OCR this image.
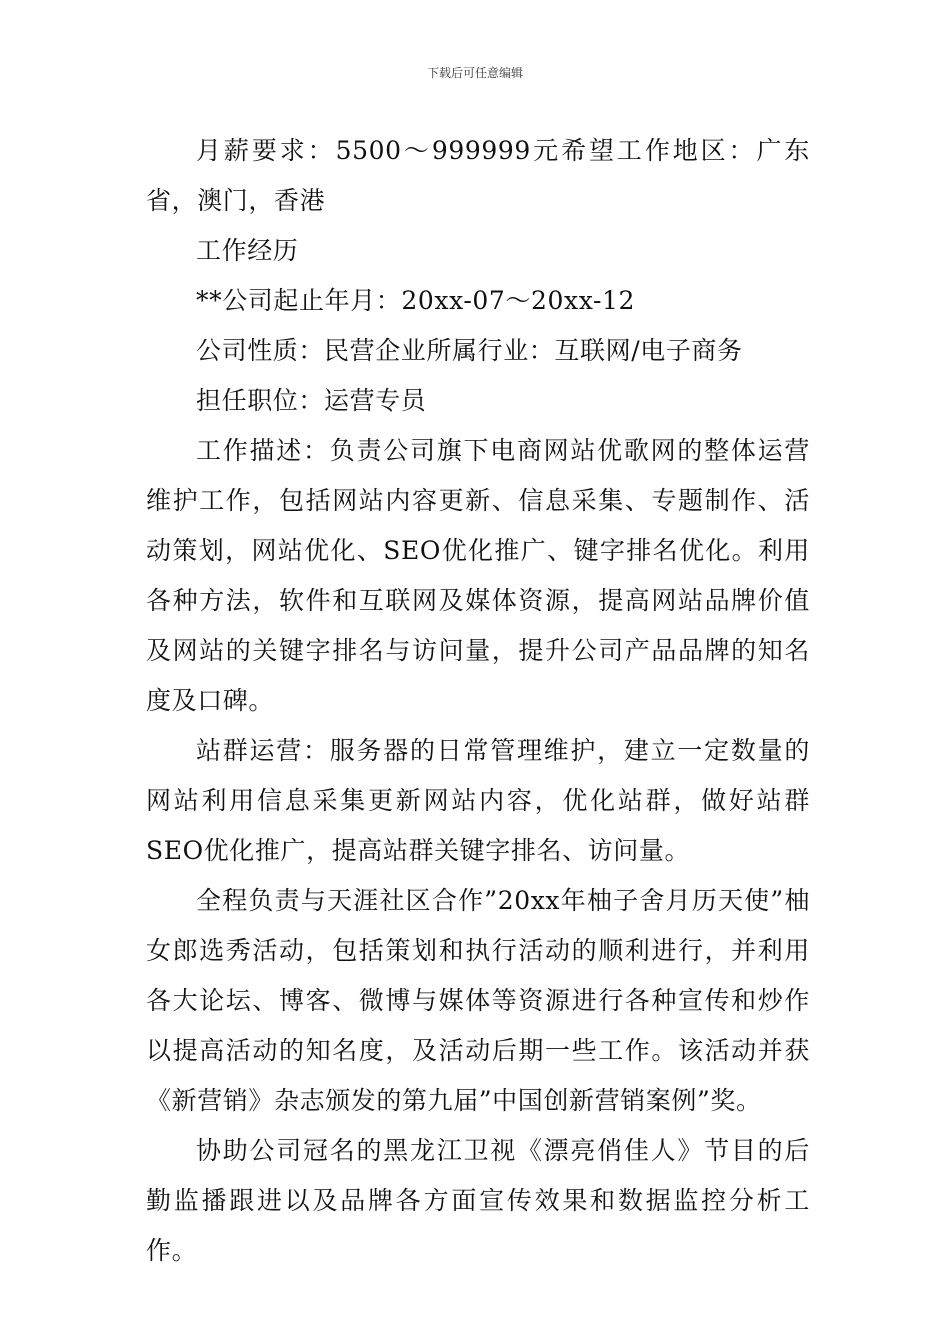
下载后可任意编辑

月薪要求：5500～999999元希望工作地区：广东省，澳门，香港

工作经历

**公司起止年月：20xx-07～20xx-12

公司性质：民营企业所属行业：互联网/电子商务

担任职位：运营专员

工作描述：负责公司旗下电商网站优歌网的整体运营维护工作，包括网站内容更新、信息采集、专题制作、活动策划，网站优化、SEO优化推广、键字排名优化。利用各种方法，软件和互联网及媒体资源，提高网站品牌价值及网站的关键字排名与访问量，提升公司产品品牌的知名度及口碑。

站群运营：服务器的日常管理维护，建立一定数量的网站利用信息采集更新网站内容，优化站群，做好站群SEO优化推广，提高站群关键字排名、访问量。

全程负责与天涯社区合作”20xx年柚子舍月历天使”柚女郎选秀活动，包括策划和执行活动的顺利进行，并利用各大论坛、博客、微博与媒体等资源进行各种宣传和炒作以提高活动的知名度，及活动后期一些工作。该活动并获《新营销》杂志颁发的第九届”中国创新营销案例”奖。

协助公司冠名的黑龙江卫视《漂亮俏佳人》节目的后勤监播跟进以及品牌各方面宣传效果和数据监控分析工作。
